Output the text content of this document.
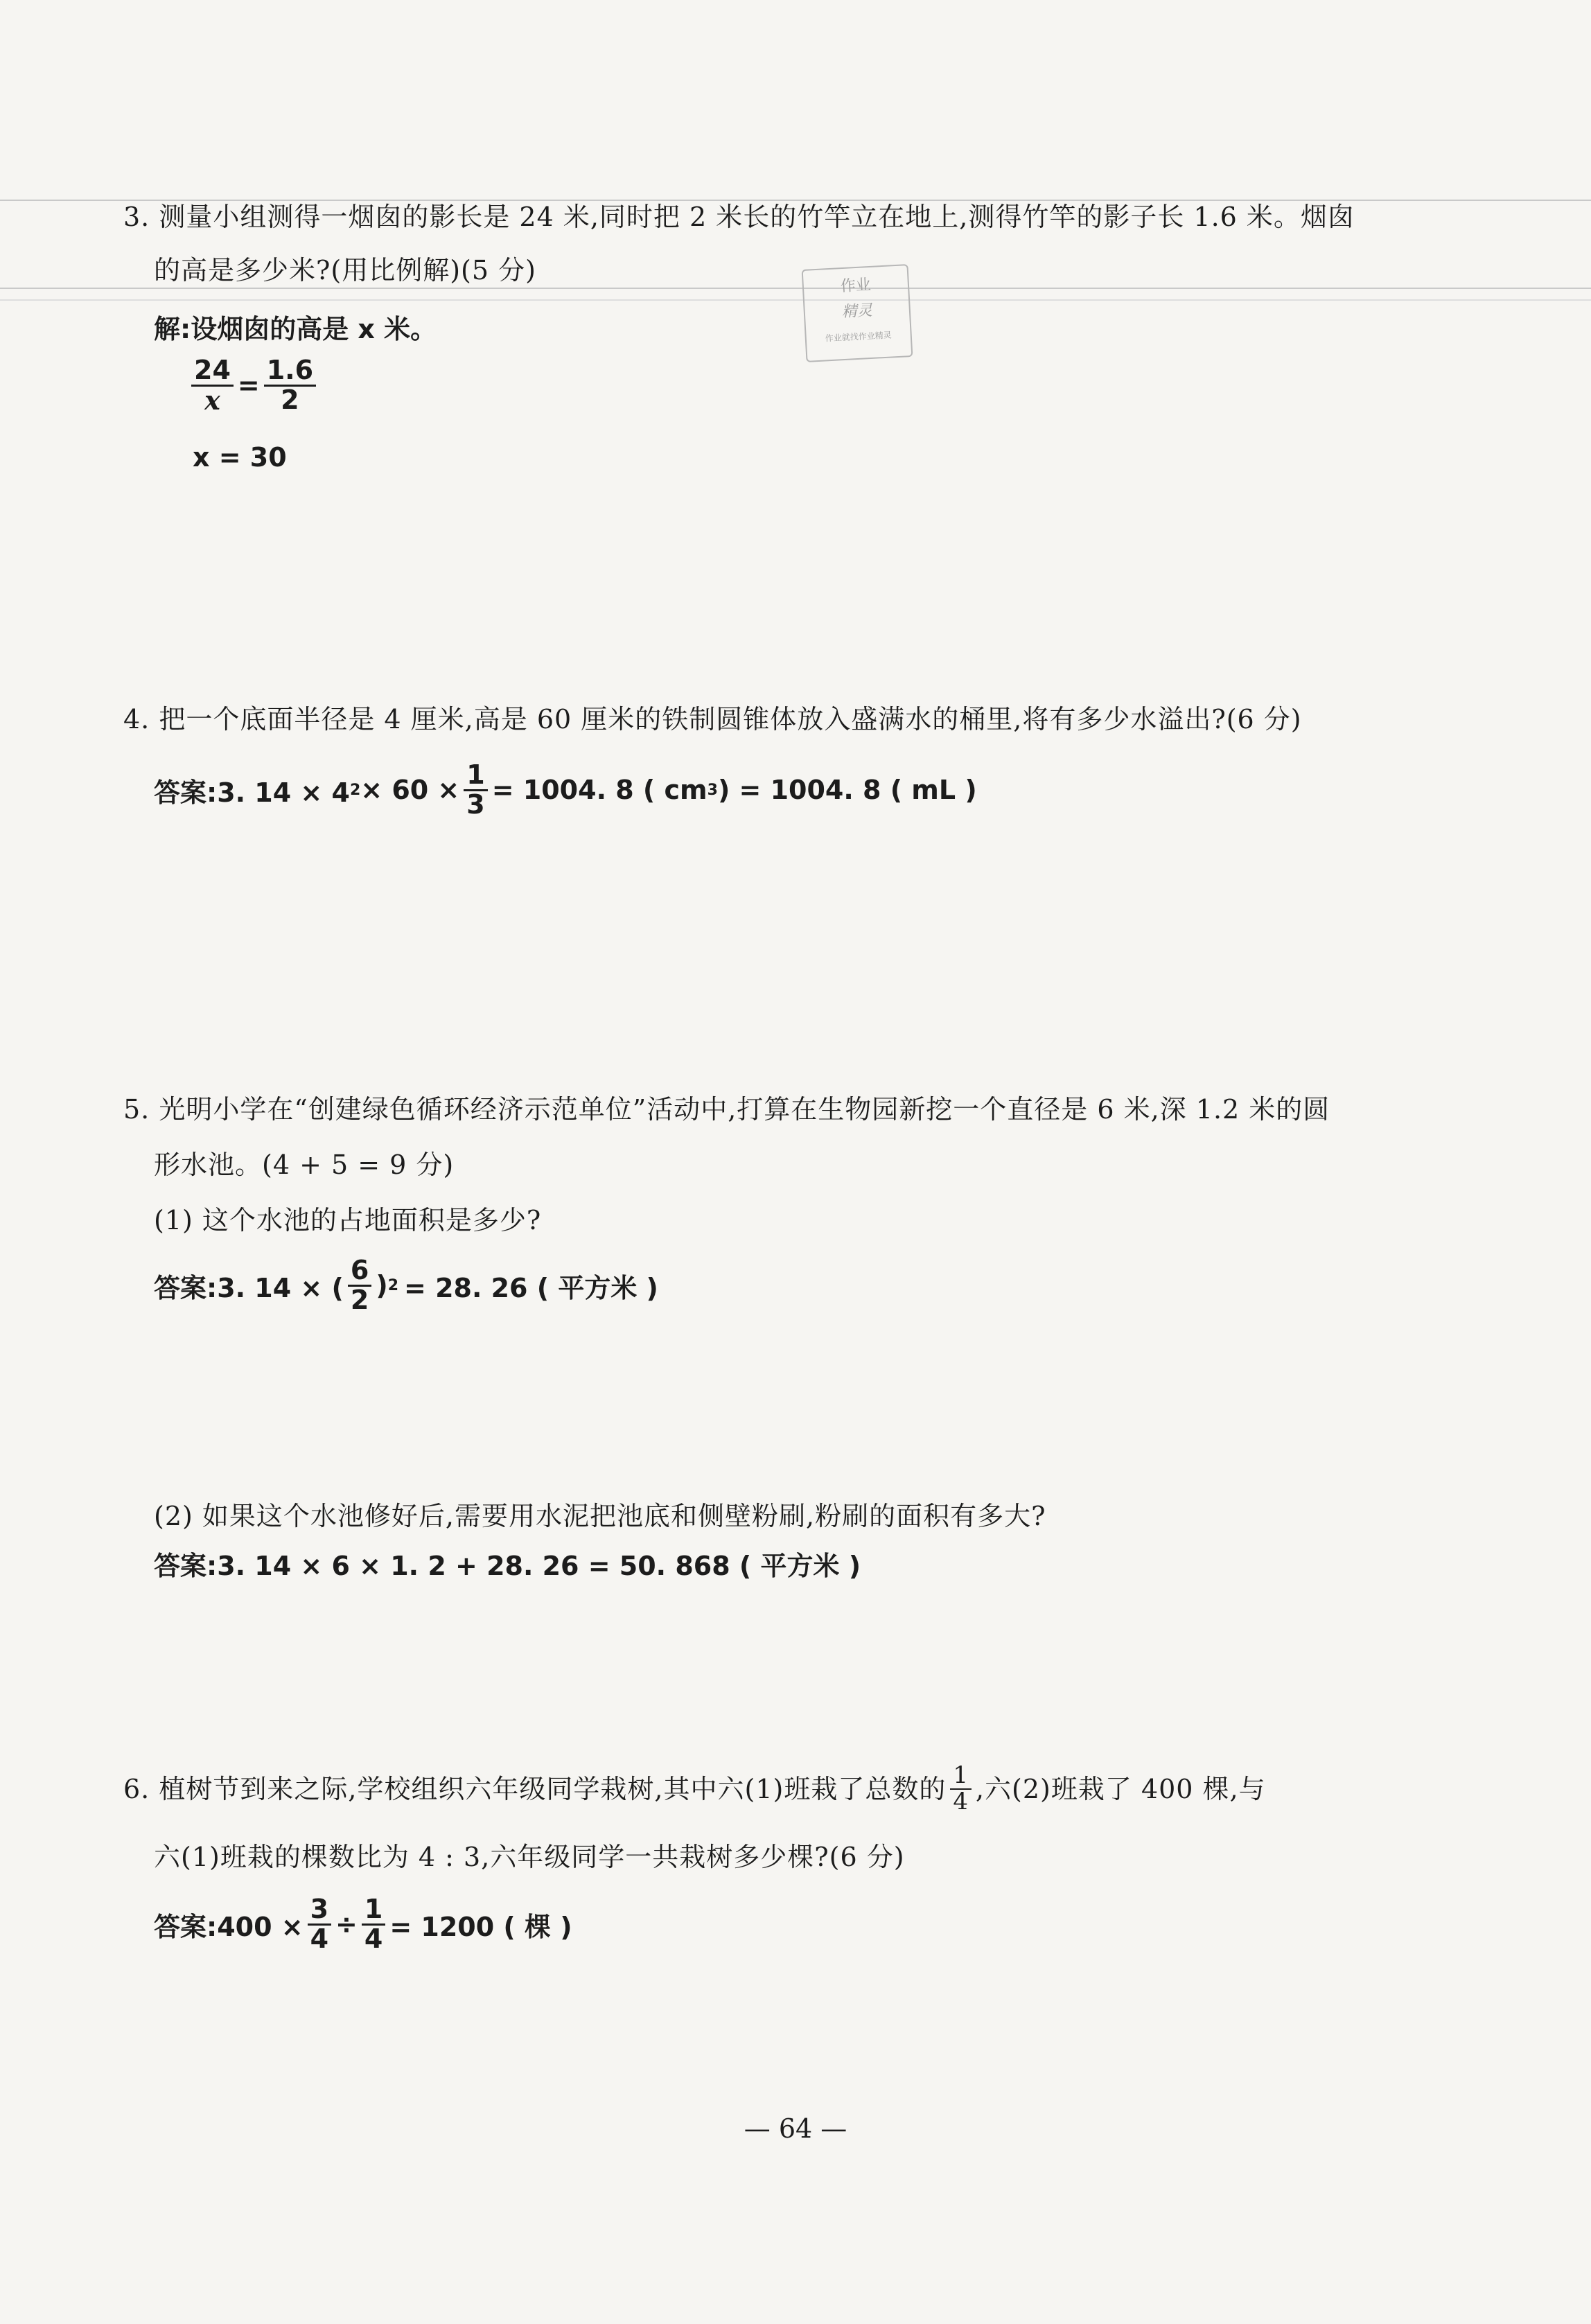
作业
精灵
作业就找作业精灵
3. 测量小组测得一烟囱的影长是 24 米,同时把 2 米长的竹竿立在地上,测得竹竿的影子长 1.6 米。烟囱
的高是多少米?(用比例解)(5 分)
解:设烟囱的高是 x 米。
$\frac{24}{x} = \frac{1.6}{2}$
x = 30
4. 把一个底面半径是 4 厘米,高是 60 厘米的铁制圆锥体放入盛满水的桶里,将有多少水溢出?(6 分)
答案:3. 14 × 4 $2 \times 60 \times \frac{1}{3} = 1004$. 8 ( cm 3 ) = 1004. 8 ( mL )
5. 光明小学在“创建绿色循环经济示范单位”活动中,打算在生物园新挖一个直径是 6 米,深 1.2 米的圆
形水池。(4 + 5 = 9 分)
(1) 这个水池的占地面积是多少?
答案:3. 14 × ( $\frac{6}{2}$ ) 2 = 28. 26 ( 平方米 )
(2) 如果这个水池修好后,需要用水泥把池底和侧壁粉刷,粉刷的面积有多大?
答案:3. 14 × 6 × 1. 2 + 28. 26 = 50. 868 ( 平方米 )
6. 植树节到来之际,学校组织六年级同学栽树,其中六(1)班栽了总数的 $\frac{1}{4}$ ,六(2)班栽了 400 棵,与
六(1)班栽的棵数比为 4 : 3,六年级同学一共栽树多少棵?(6 分)
答案:400 × $\frac{3}{4} \div \frac{1}{4} = 1200$ ( 棵 )
— 64 —
